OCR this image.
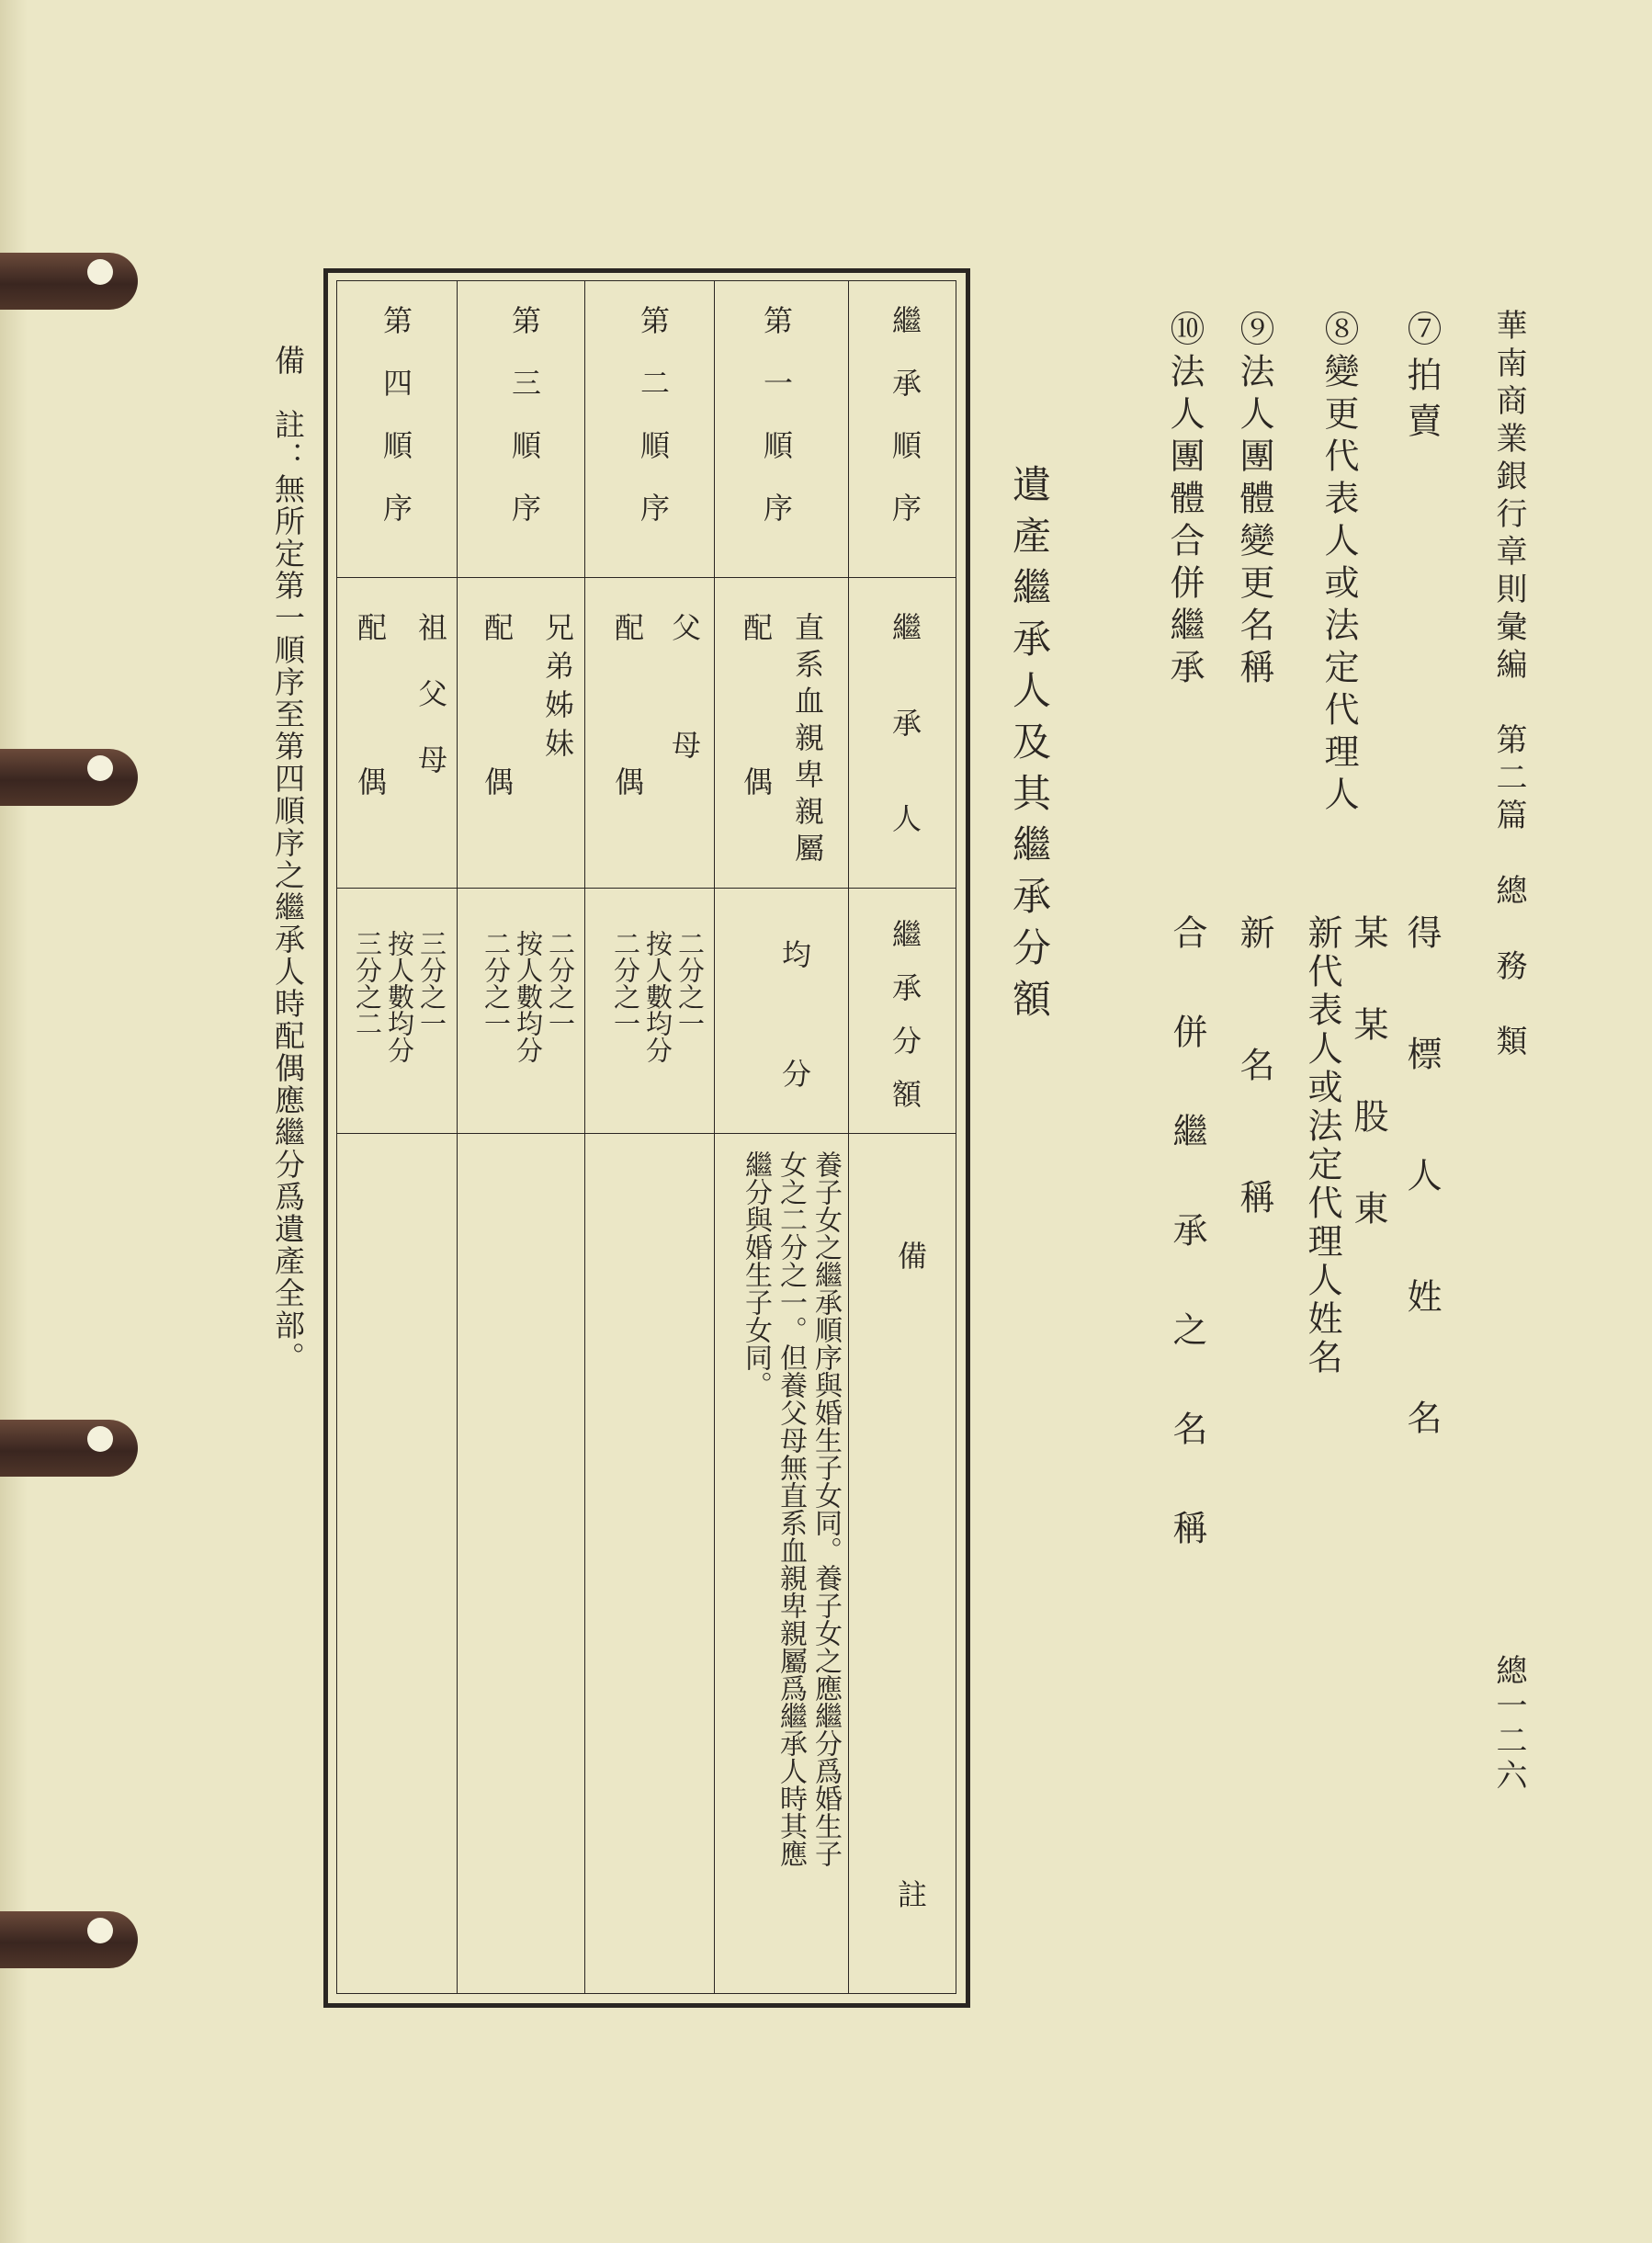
華南商業銀行章則彙編　第二篇　總　務　類
總一二六
⑦拍賣
得　標　人　姓　名
⑧變更代表人或法定代理人
某　某　股　東
新代表人或法定代理人姓名
⑨法人團體變更名稱
新　　名　　稱
⑩法人團體合併繼承
合　併　繼　承　之　名　稱
遺產繼承人及其繼承分額
繼承順序
繼承人
繼承分額
備
註
第一順序
直系血親卑親屬
配　　偶
均
分
養子女之繼承順序與婚生子女同。養子女之應繼分爲婚生子
女之二分之一。但養父母無直系血親卑親屬爲繼承人時其應
繼分與婚生子女同。
第二順序
父　　　母
配　　偶
二分之一
按人數均分
二分之一
第三順序
兄弟姊妹
配　　偶
二分之一
按人數均分
二分之一
第四順序
祖　父　母
配　　偶
三分之一
按人數均分
三分之二
備　註：無所定第一順序至第四順序之繼承人時配偶應繼分爲遺產全部。
